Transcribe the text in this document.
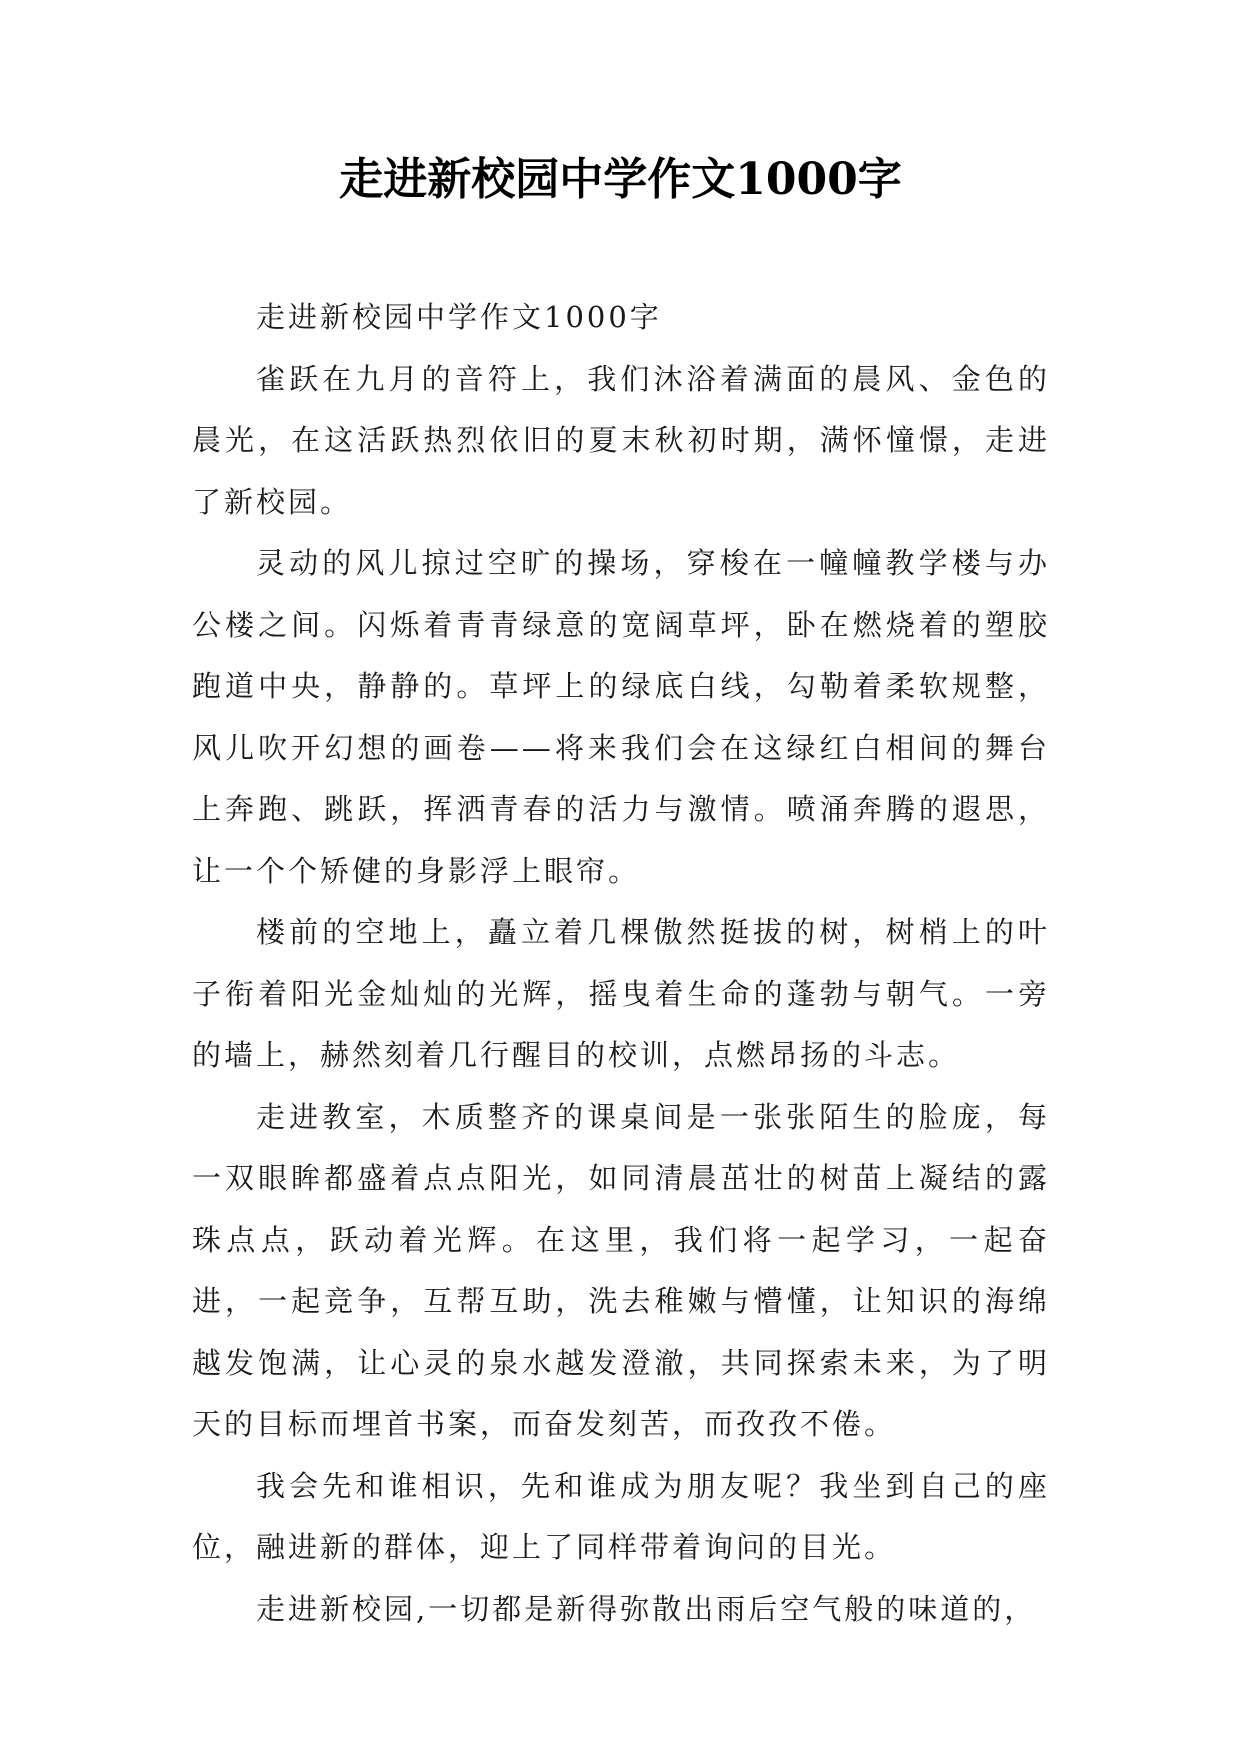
走进新校园中学作文1000字

走进新校园中学作文1000字

雀跃在九月的音符上，我们沐浴着满面的晨风、金色的晨光，在这活跃热烈依旧的夏末秋初时期，满怀憧憬，走进了新校园。

灵动的风儿掠过空旷的操场，穿梭在一幢幢教学楼与办公楼之间。闪烁着青青绿意的宽阔草坪，卧在燃烧着的塑胶跑道中央，静静的。草坪上的绿底白线，勾勒着柔软规整，风儿吹开幻想的画卷——将来我们会在这绿红白相间的舞台上奔跑、跳跃，挥洒青春的活力与激情。喷涌奔腾的遐思，让一个个矫健的身影浮上眼帘。

楼前的空地上，矗立着几棵傲然挺拔的树，树梢上的叶子衔着阳光金灿灿的光辉，摇曳着生命的蓬勃与朝气。一旁的墙上，赫然刻着几行醒目的校训，点燃昂扬的斗志。

走进教室，木质整齐的课桌间是一张张陌生的脸庞，每一双眼眸都盛着点点阳光，如同清晨茁壮的树苗上凝结的露珠点点，跃动着光辉。在这里，我们将一起学习，一起奋进，一起竞争，互帮互助，洗去稚嫩与懵懂，让知识的海绵越发饱满，让心灵的泉水越发澄澈，共同探索未来，为了明天的目标而埋首书案，而奋发刻苦，而孜孜不倦。

我会先和谁相识，先和谁成为朋友呢？我坐到自己的座位，融进新的群体，迎上了同样带着询问的目光。

走进新校园,一切都是新得弥散出雨后空气般的味道的，
